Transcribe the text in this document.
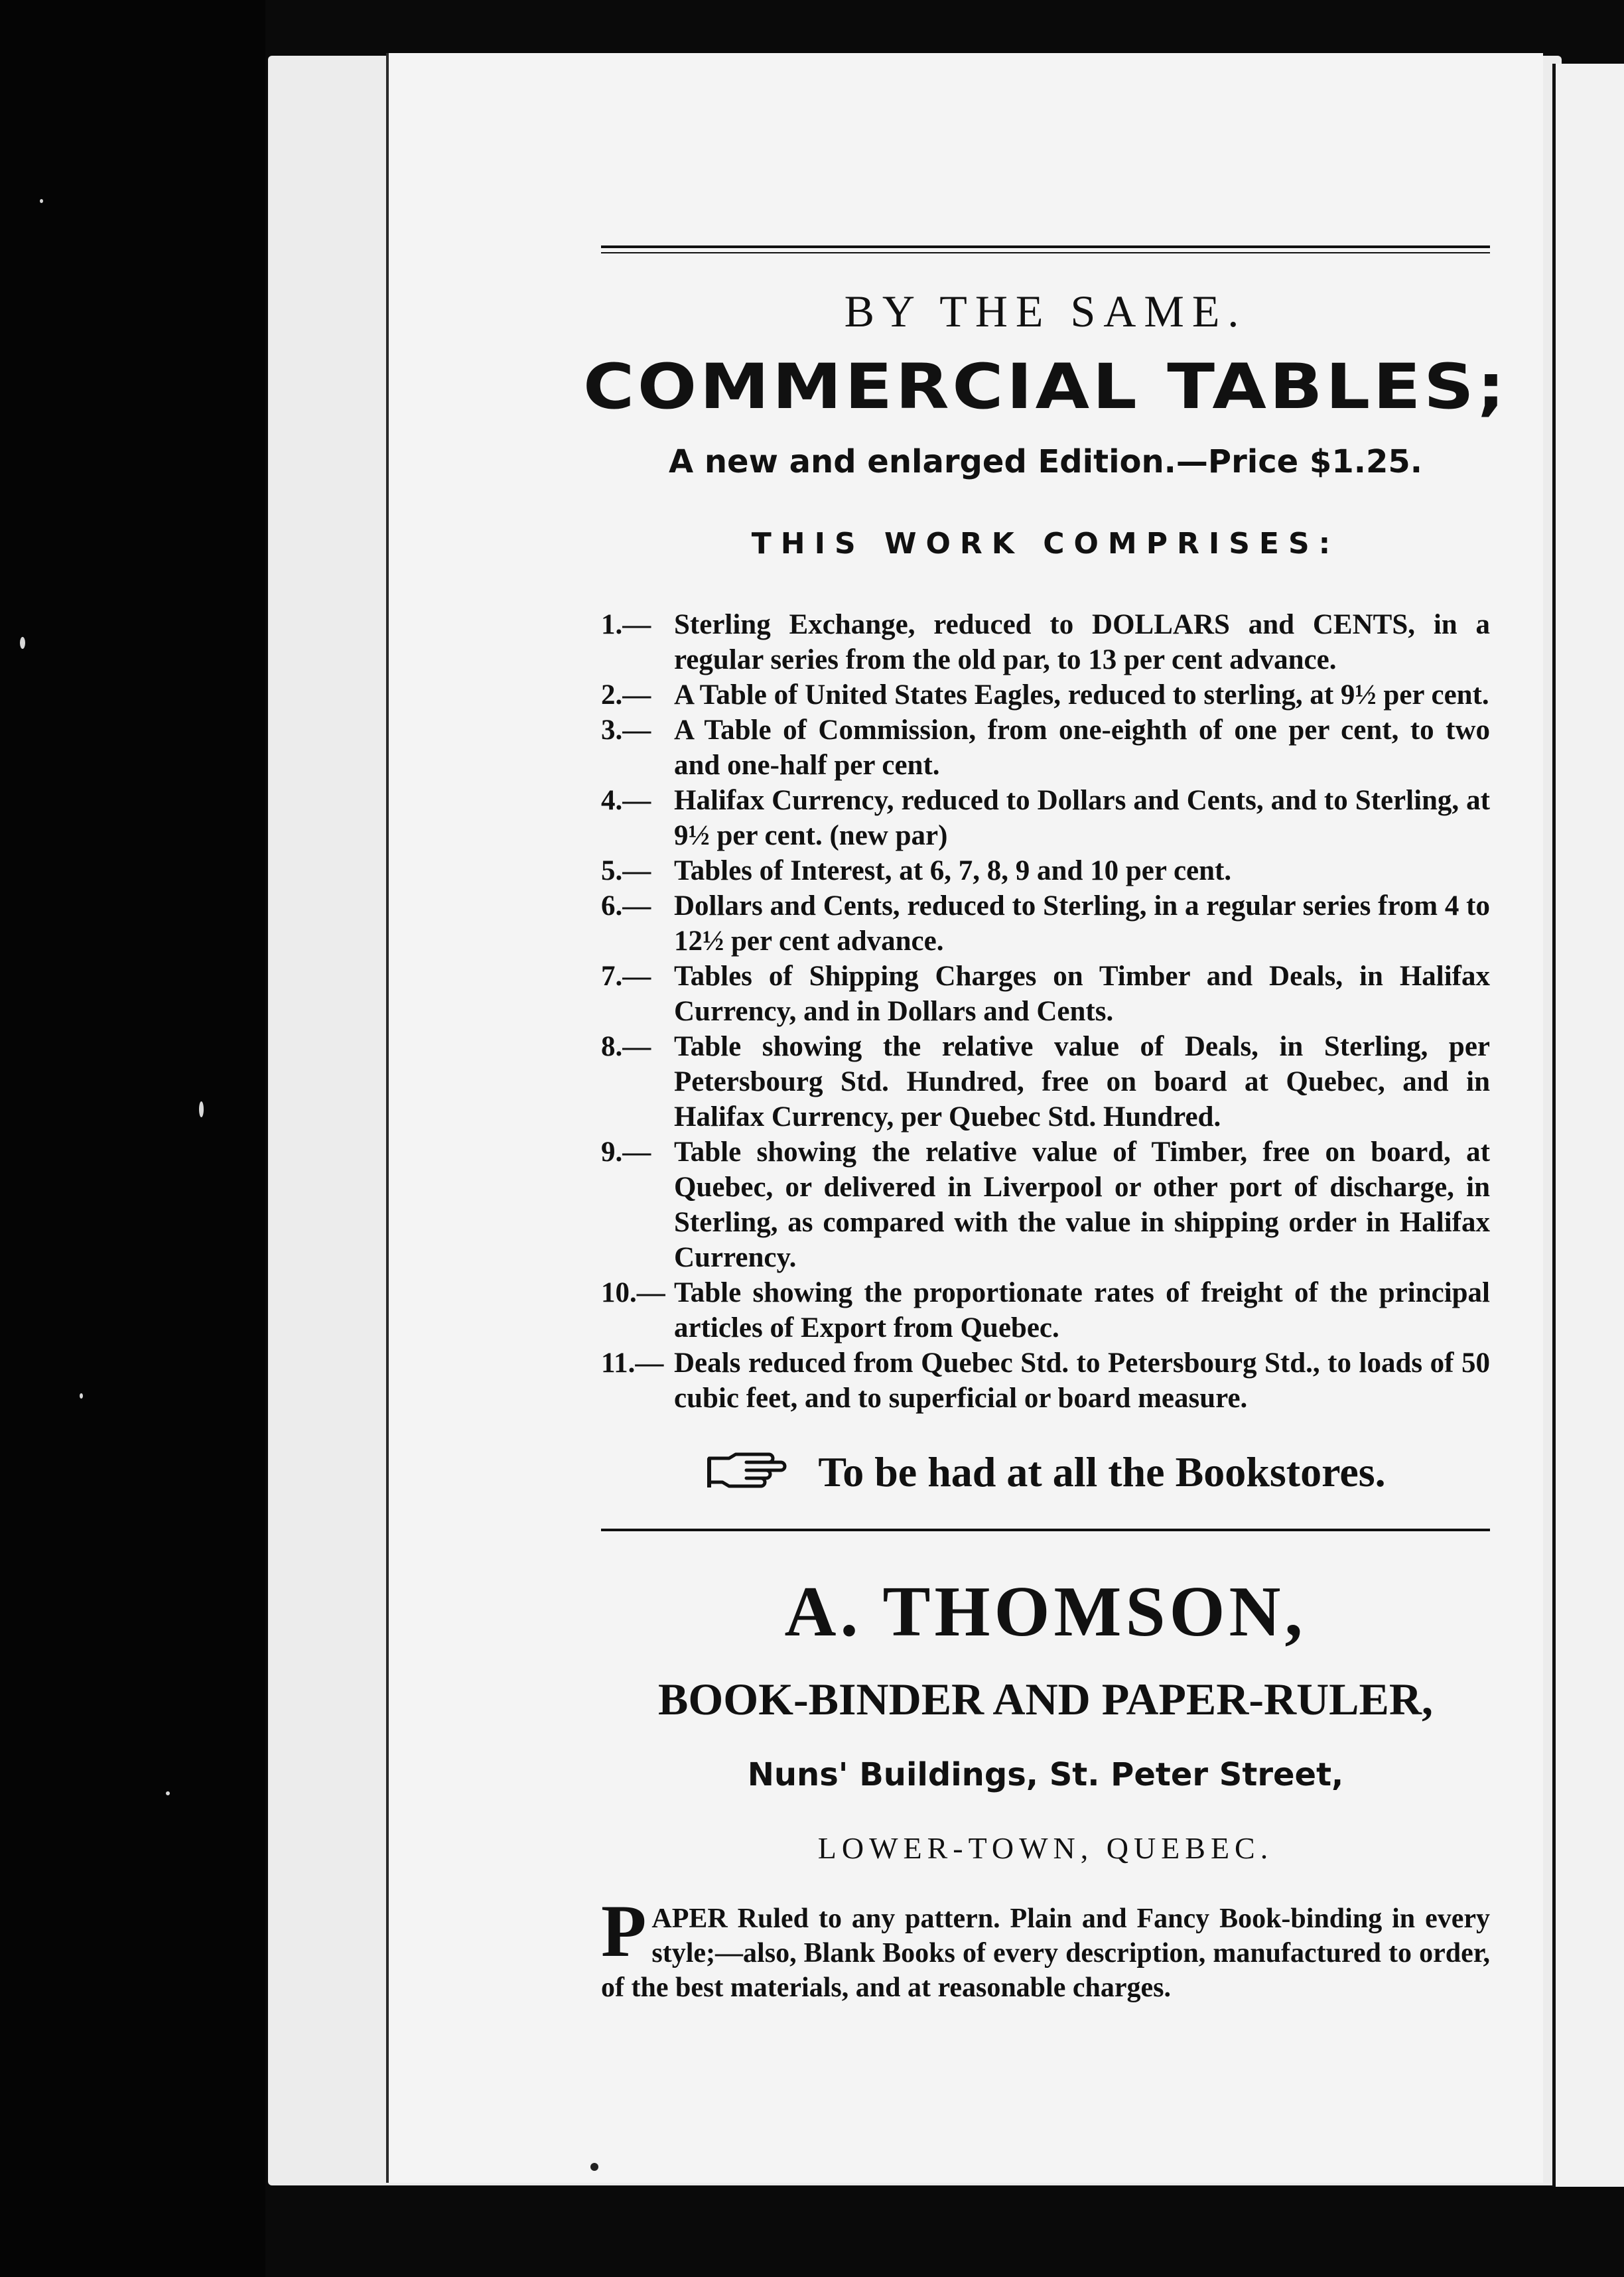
BY THE SAME.
COMMERCIAL TABLES;
A new and enlarged Edition.—Price $1.25.
THIS WORK COMPRISES:
1.— Sterling Exchange, reduced to DOLLARS and CENTS, in a regular series from the old par, to 13 per cent advance.
2.— A Table of United States Eagles, reduced to sterling, at 9½ per cent.
3.— A Table of Commission, from one-eighth of one per cent, to two and one-half per cent.
4.— Halifax Currency, reduced to Dollars and Cents, and to Sterling, at 9½ per cent. (new par)
5.— Tables of Interest, at 6, 7, 8, 9 and 10 per cent.
6.— Dollars and Cents, reduced to Sterling, in a regular series from 4 to 12½ per cent advance.
7.— Tables of Shipping Charges on Timber and Deals, in Halifax Currency, and in Dollars and Cents.
8.— Table showing the relative value of Deals, in Sterling, per Petersbourg Std. Hundred, free on board at Quebec, and in Halifax Currency, per Quebec Std. Hundred.
9.— Table showing the relative value of Timber, free on board, at Quebec, or delivered in Liverpool or other port of discharge, in Sterling, as compared with the value in shipping order in Halifax Currency.
10.— Table showing the proportionate rates of freight of the principal articles of Export from Quebec.
11.— Deals reduced from Quebec Std. to Petersbourg Std., to loads of 50 cubic feet, and to superficial or board measure.
To be had at all the Bookstores.
A. THOMSON,
BOOK-BINDER AND PAPER-RULER,
Nuns' Buildings, St. Peter Street,
LOWER-TOWN, QUEBEC.
PAPER Ruled to any pattern. Plain and Fancy Book-binding in every style;—also, Blank Books of every description, manufactured to order, of the best materials, and at reasonable charges.
